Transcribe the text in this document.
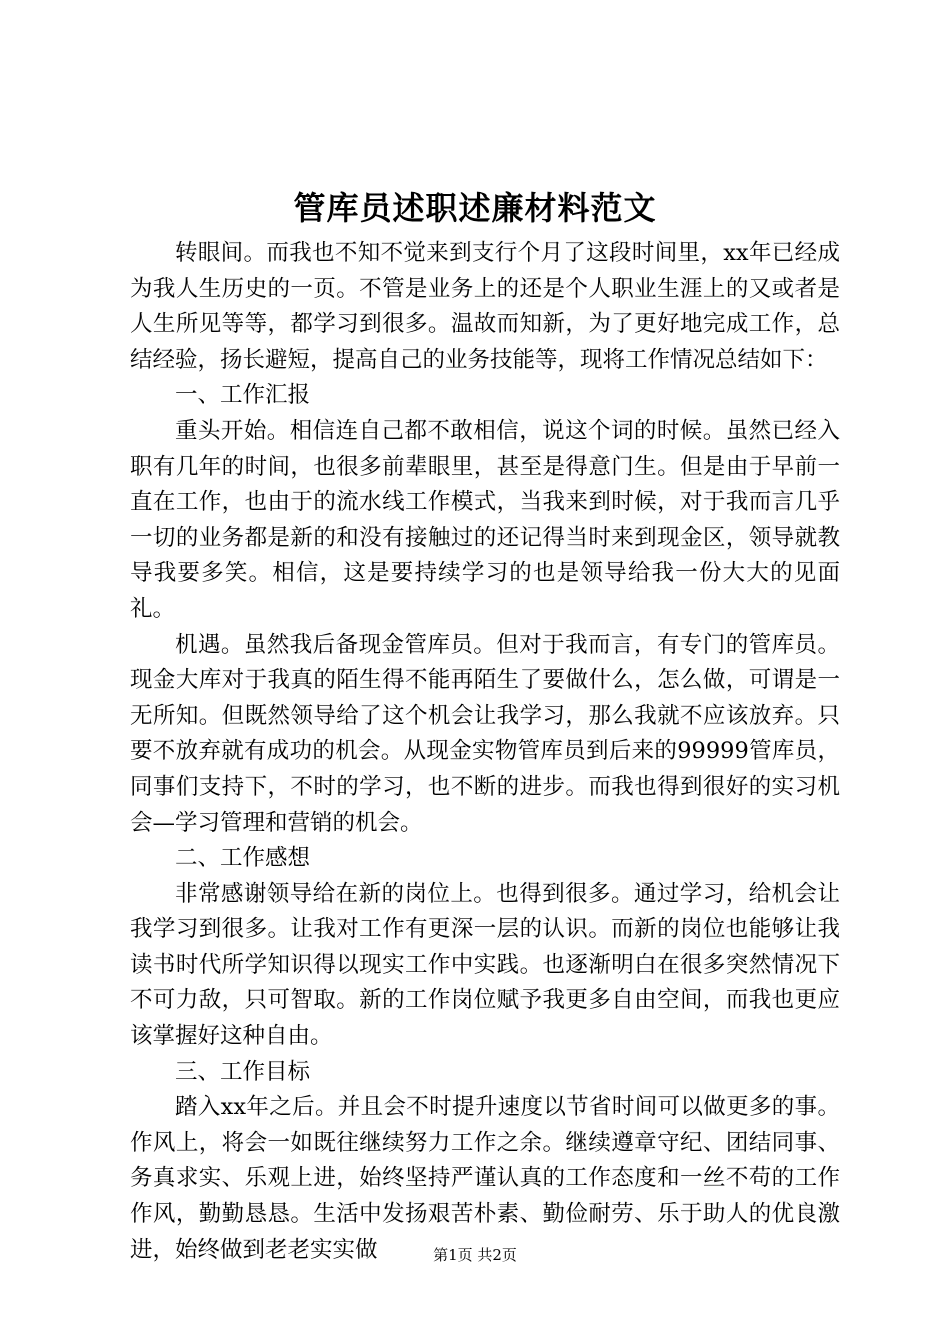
管库员述职述廉材料范文

转眼间。而我也不知不觉来到支行个月了这段时间里，xx年已经成为我人生历史的一页。不管是业务上的还是个人职业生涯上的又或者是人生所见等等，都学习到很多。温故而知新，为了更好地完成工作，总结经验，扬长避短，提高自己的业务技能等，现将工作情况总结如下：

一、工作汇报

重头开始。相信连自己都不敢相信，说这个词的时候。虽然已经入职有几年的时间，也很多前辈眼里，甚至是得意门生。但是由于早前一直在工作，也由于的流水线工作模式，当我来到时候，对于我而言几乎一切的业务都是新的和没有接触过的还记得当时来到现金区，领导就教导我要多笑。相信，这是要持续学习的也是领导给我一份大大的见面礼。

机遇。虽然我后备现金管库员。但对于我而言，有专门的管库员。现金大库对于我真的陌生得不能再陌生了要做什么，怎么做，可谓是一无所知。但既然领导给了这个机会让我学习，那么我就不应该放弃。只要不放弃就有成功的机会。从现金实物管库员到后来的99999管库员，同事们支持下，不时的学习，也不断的进步。而我也得到很好的实习机会—学习管理和营销的机会。

二、工作感想

非常感谢领导给在新的岗位上。也得到很多。通过学习，给机会让我学习到很多。让我对工作有更深一层的认识。而新的岗位也能够让我读书时代所学知识得以现实工作中实践。也逐渐明白在很多突然情况下不可力敌，只可智取。新的工作岗位赋予我更多自由空间，而我也更应该掌握好这种自由。

三、工作目标

踏入xx年之后。并且会不时提升速度以节省时间可以做更多的事。作风上，将会一如既往继续努力工作之余。继续遵章守纪、团结同事、务真求实、乐观上进，始终坚持严谨认真的工作态度和一丝不苟的工作作风，勤勤恳恳。生活中发扬艰苦朴素、勤俭耐劳、乐于助人的优良激进，始终做到老老实实做	第1页 共2页
